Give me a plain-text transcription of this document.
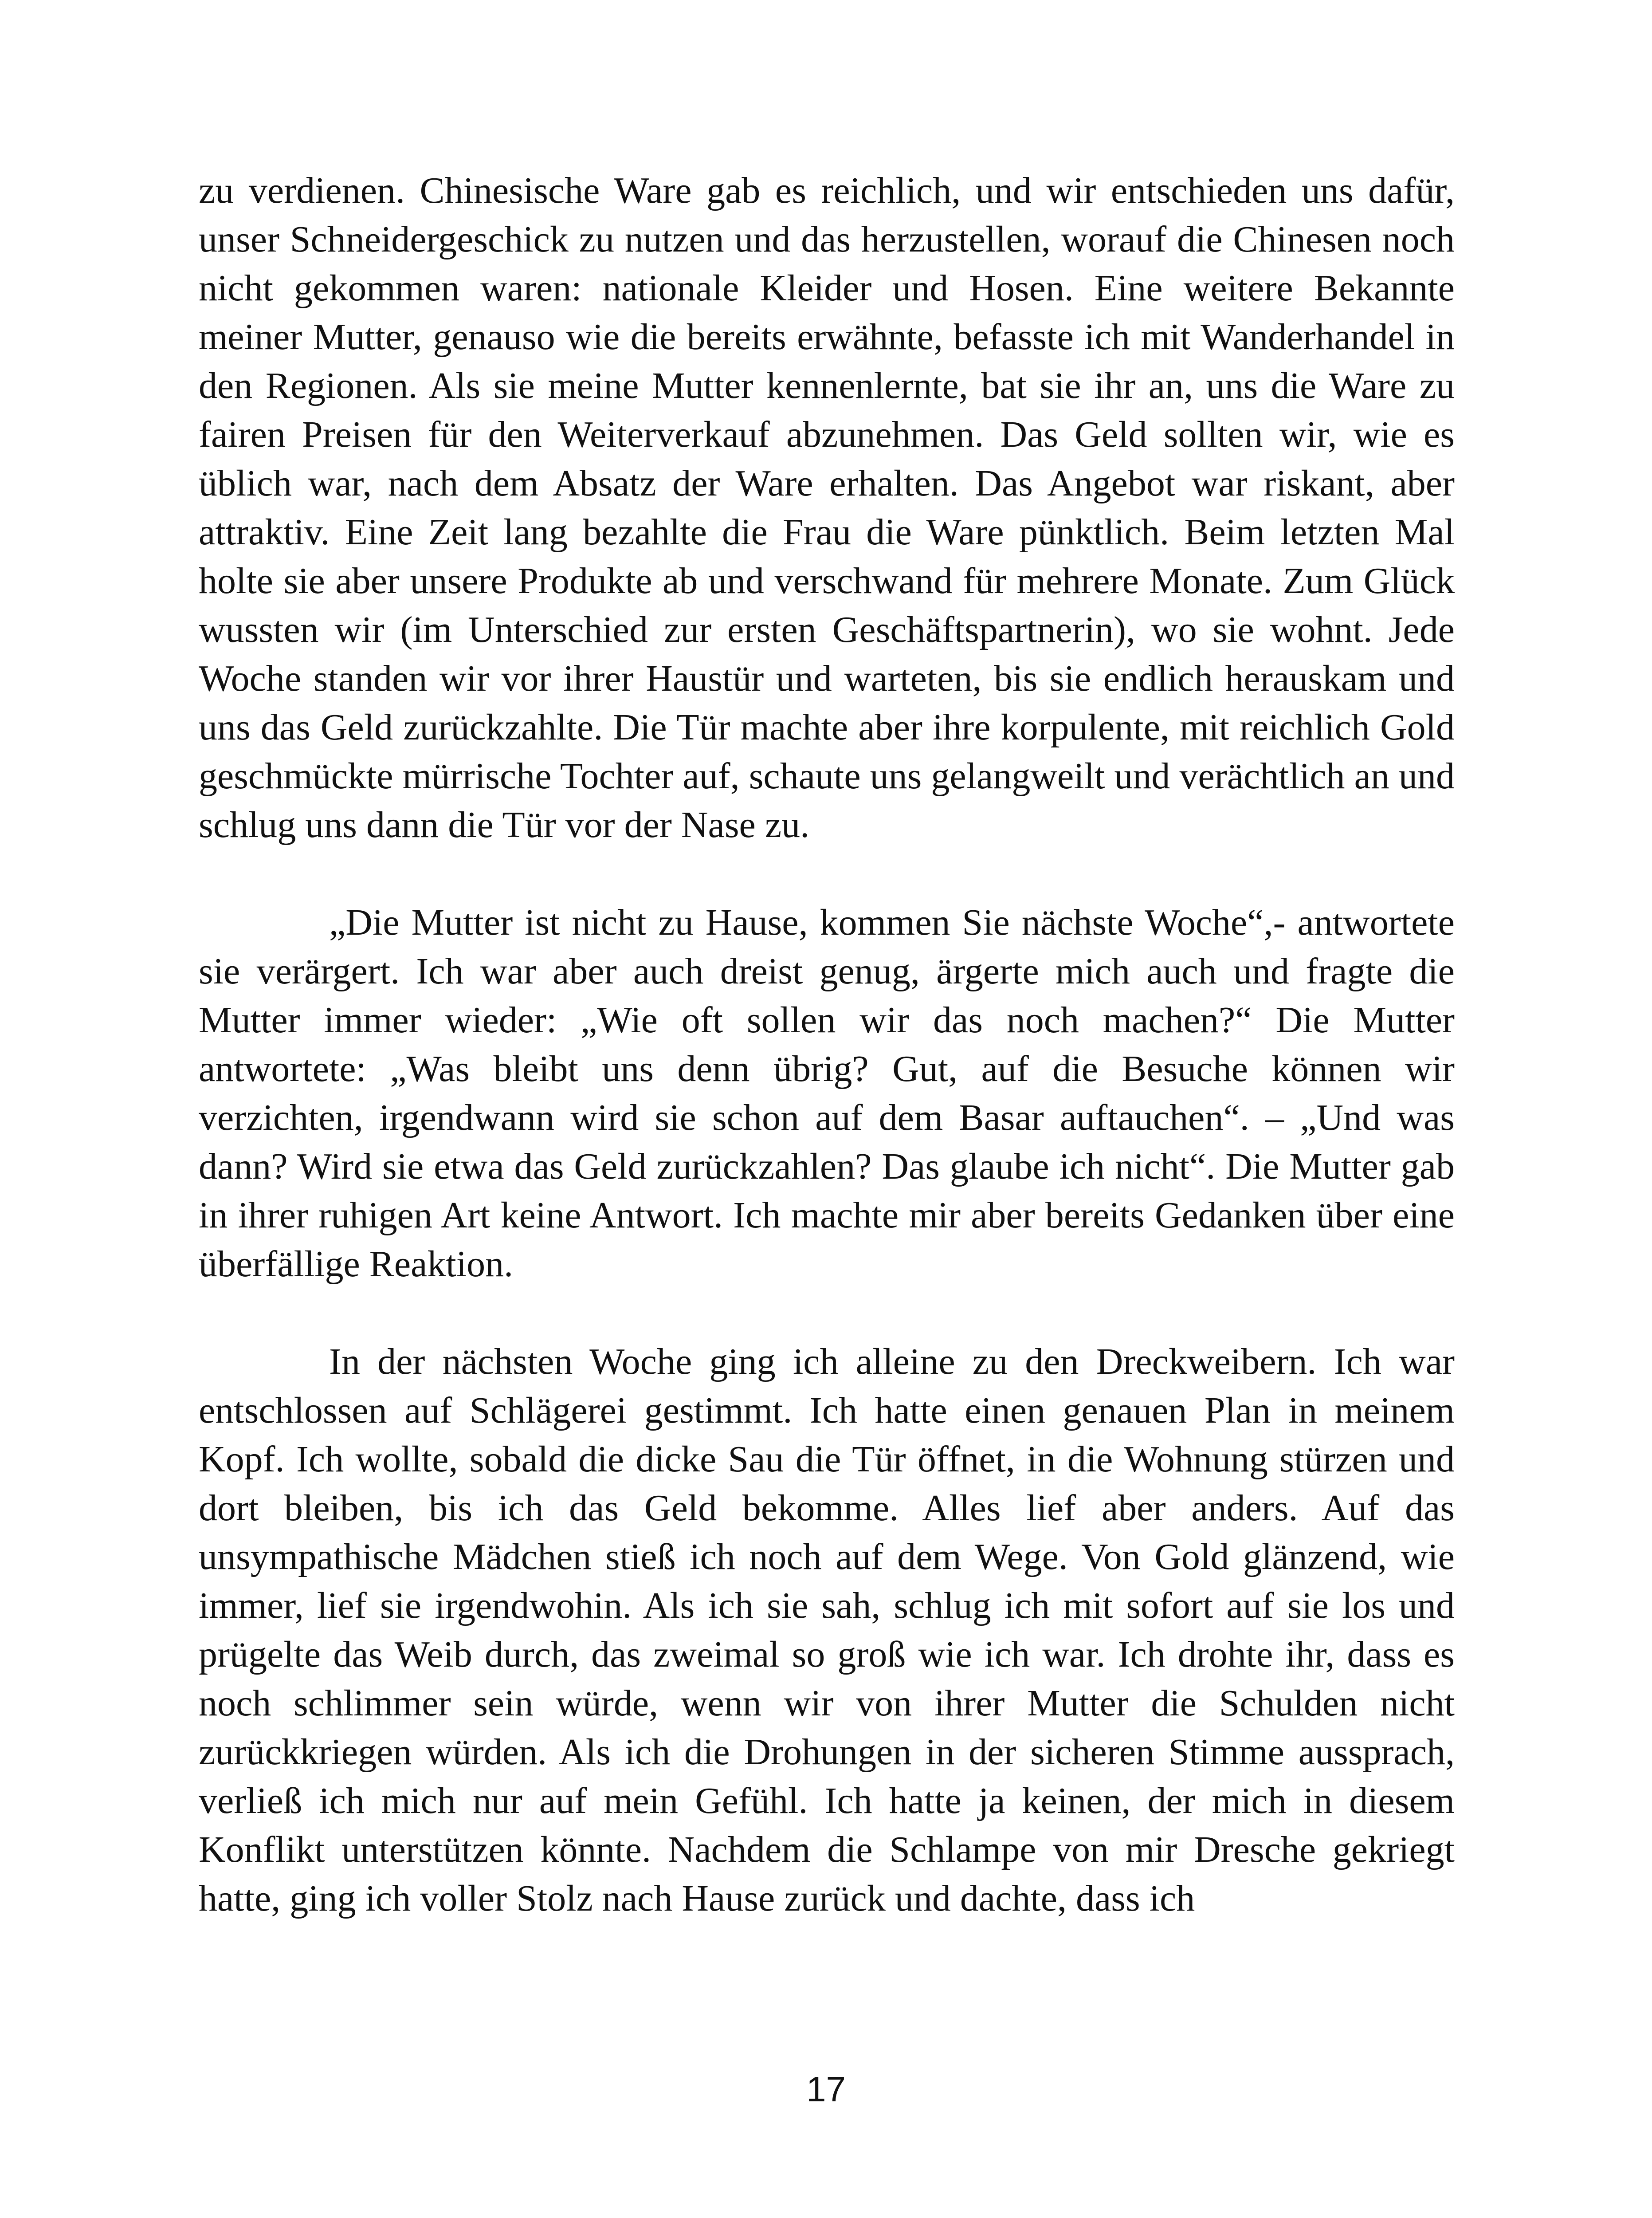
zu verdienen. Chinesische Ware gab es reichlich, und wir entschieden uns dafür, unser Schneidergeschick zu nutzen und das herzustellen, worauf die Chinesen noch nicht gekommen waren: nationale Kleider und Hosen. Eine weitere Bekannte meiner Mutter, genauso wie die bereits erwähnte, befasste ich mit Wanderhandel in den Regionen. Als sie meine Mutter kennenlernte, bat sie ihr an, uns die Ware zu fairen Preisen für den Weiterverkauf abzunehmen. Das Geld sollten wir, wie es üblich war, nach dem Absatz der Ware erhalten. Das Angebot war riskant, aber attraktiv. Eine Zeit lang bezahlte die Frau die Ware pünktlich. Beim letzten Mal holte sie aber unsere Produkte ab und verschwand für mehrere Monate. Zum Glück wussten wir (im Unterschied zur ersten Geschäftspartnerin), wo sie wohnt. Jede Woche standen wir vor ihrer Haustür und warteten, bis sie endlich herauskam und uns das Geld zurückzahlte. Die Tür machte aber ihre korpulente, mit reichlich Gold geschmückte mürrische Tochter auf, schaute uns gelangweilt und verächtlich an und schlug uns dann die Tür vor der Nase zu.

„Die Mutter ist nicht zu Hause, kommen Sie nächste Woche“,- antwortete sie verärgert. Ich war aber auch dreist genug, ärgerte mich auch und fragte die Mutter immer wieder: „Wie oft sollen wir das noch machen?“ Die Mutter antwortete: „Was bleibt uns denn übrig? Gut, auf die Besuche können wir verzichten, irgendwann wird sie schon auf dem Basar auftauchen“. – „Und was dann? Wird sie etwa das Geld zurückzahlen? Das glaube ich nicht“. Die Mutter gab in ihrer ruhigen Art keine Antwort. Ich machte mir aber bereits Gedanken über eine überfällige Reaktion.

In der nächsten Woche ging ich alleine zu den Dreckweibern. Ich war entschlossen auf Schlägerei gestimmt. Ich hatte einen genauen Plan in meinem Kopf. Ich wollte, sobald die dicke Sau die Tür öffnet, in die Wohnung stürzen und dort bleiben, bis ich das Geld bekomme. Alles lief aber anders. Auf das unsympathische Mädchen stieß ich noch auf dem Wege. Von Gold glänzend, wie immer, lief sie irgendwohin. Als ich sie sah, schlug ich mit sofort auf sie los und prügelte das Weib durch, das zweimal so groß wie ich war. Ich drohte ihr, dass es noch schlimmer sein würde, wenn wir von ihrer Mutter die Schulden nicht zurückkriegen würden. Als ich die Drohungen in der sicheren Stimme aussprach, verließ ich mich nur auf mein Gefühl. Ich hatte ja keinen, der mich in diesem Konflikt unterstützen könnte. Nachdem die Schlampe von mir Dresche gekriegt hatte, ging ich voller Stolz nach Hause zurück und dachte, dass ich

17
